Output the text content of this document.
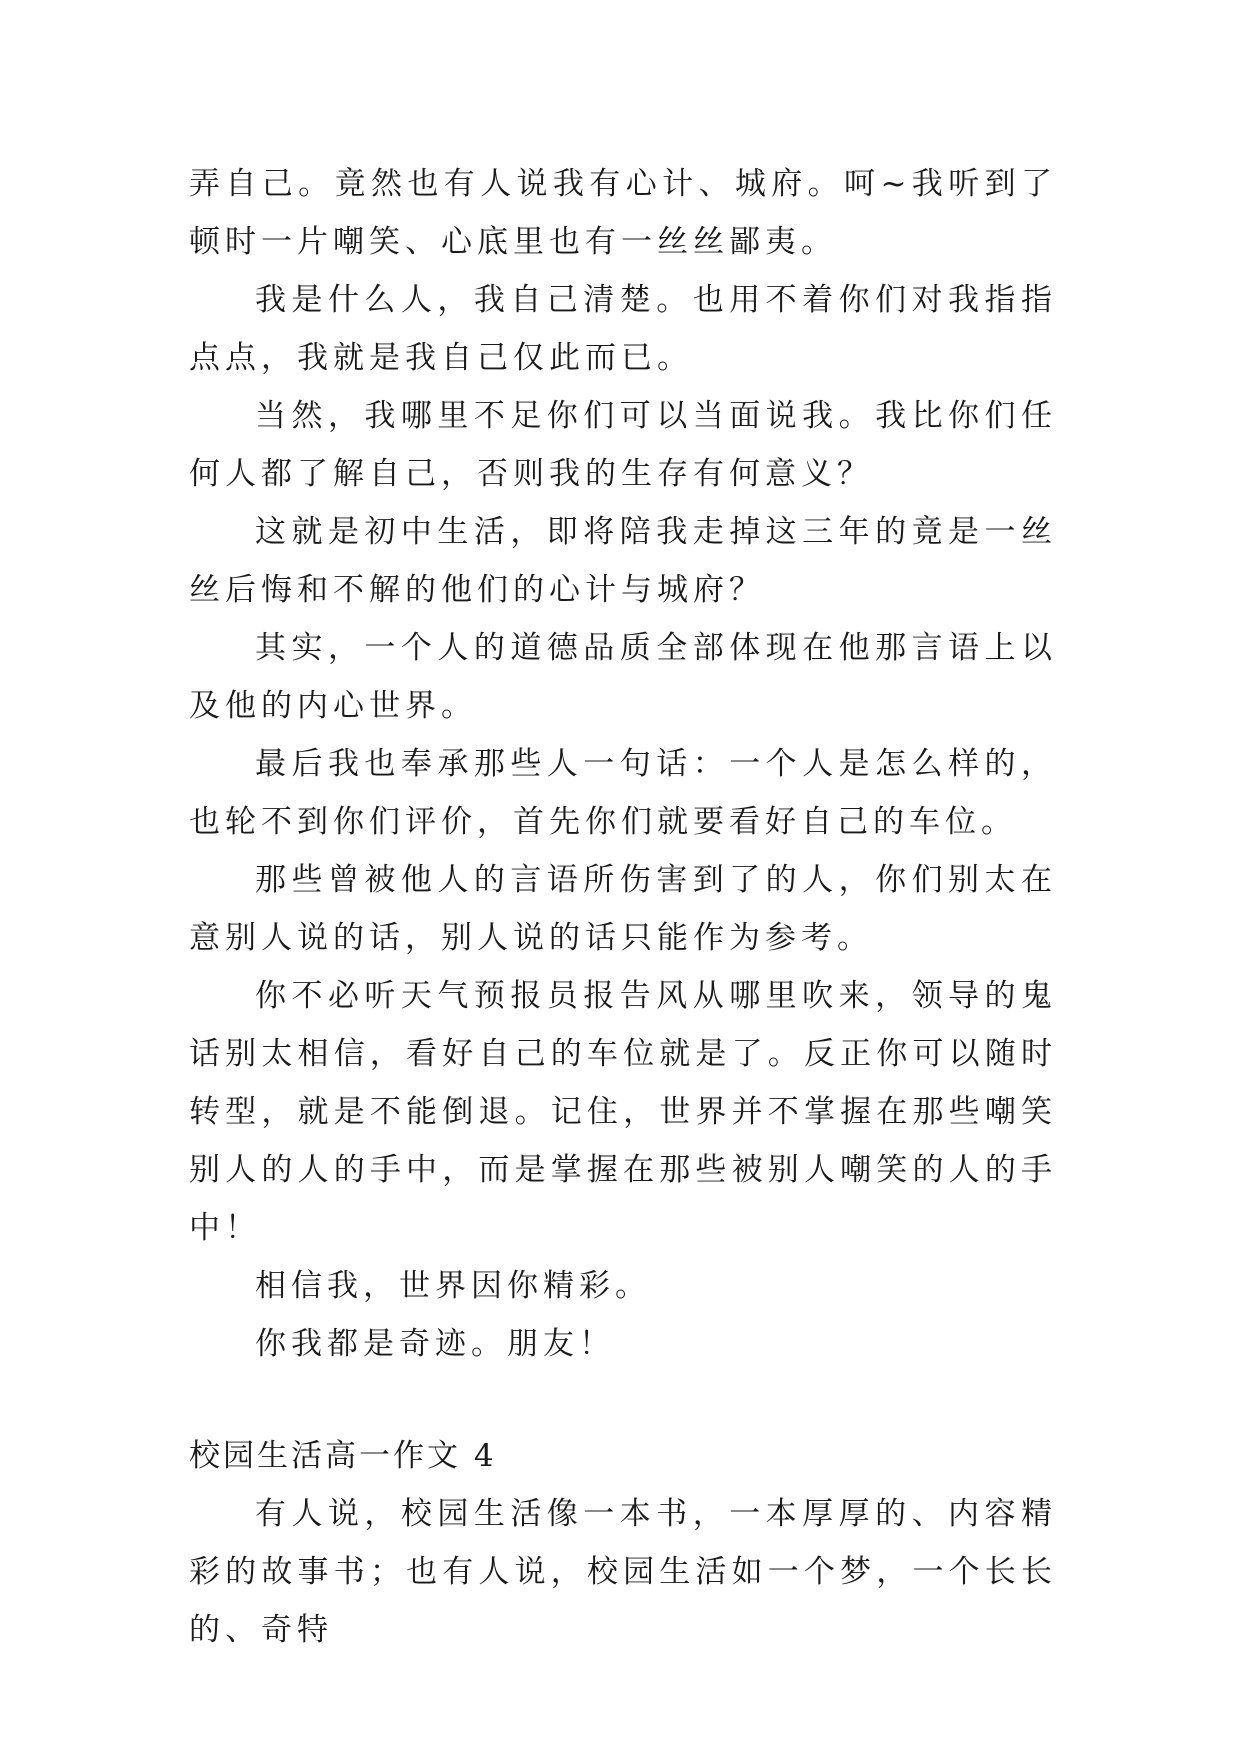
弄自己。竟然也有人说我有心计、城府。呵~我听到了顿时一片嘲笑、心底里也有一丝丝鄙夷。

我是什么人，我自己清楚。也用不着你们对我指指点点，我就是我自己仅此而已。

当然，我哪里不足你们可以当面说我。我比你们任何人都了解自己，否则我的生存有何意义？

这就是初中生活，即将陪我走掉这三年的竟是一丝丝后悔和不解的他们的心计与城府？

其实，一个人的道德品质全部体现在他那言语上以及他的内心世界。

最后我也奉承那些人一句话：一个人是怎么样的，也轮不到你们评价，首先你们就要看好自己的车位。

那些曾被他人的言语所伤害到了的人，你们别太在意别人说的话，别人说的话只能作为参考。

你不必听天气预报员报告风从哪里吹来，领导的鬼话别太相信，看好自己的车位就是了。反正你可以随时转型，就是不能倒退。记住，世界并不掌握在那些嘲笑别人的人的手中，而是掌握在那些被别人嘲笑的人的手中！

相信我，世界因你精彩。

你我都是奇迹。朋友！

校园生活高一作文 4

有人说，校园生活像一本书，一本厚厚的、内容精彩的故事书；也有人说，校园生活如一个梦，一个长长的、奇特
